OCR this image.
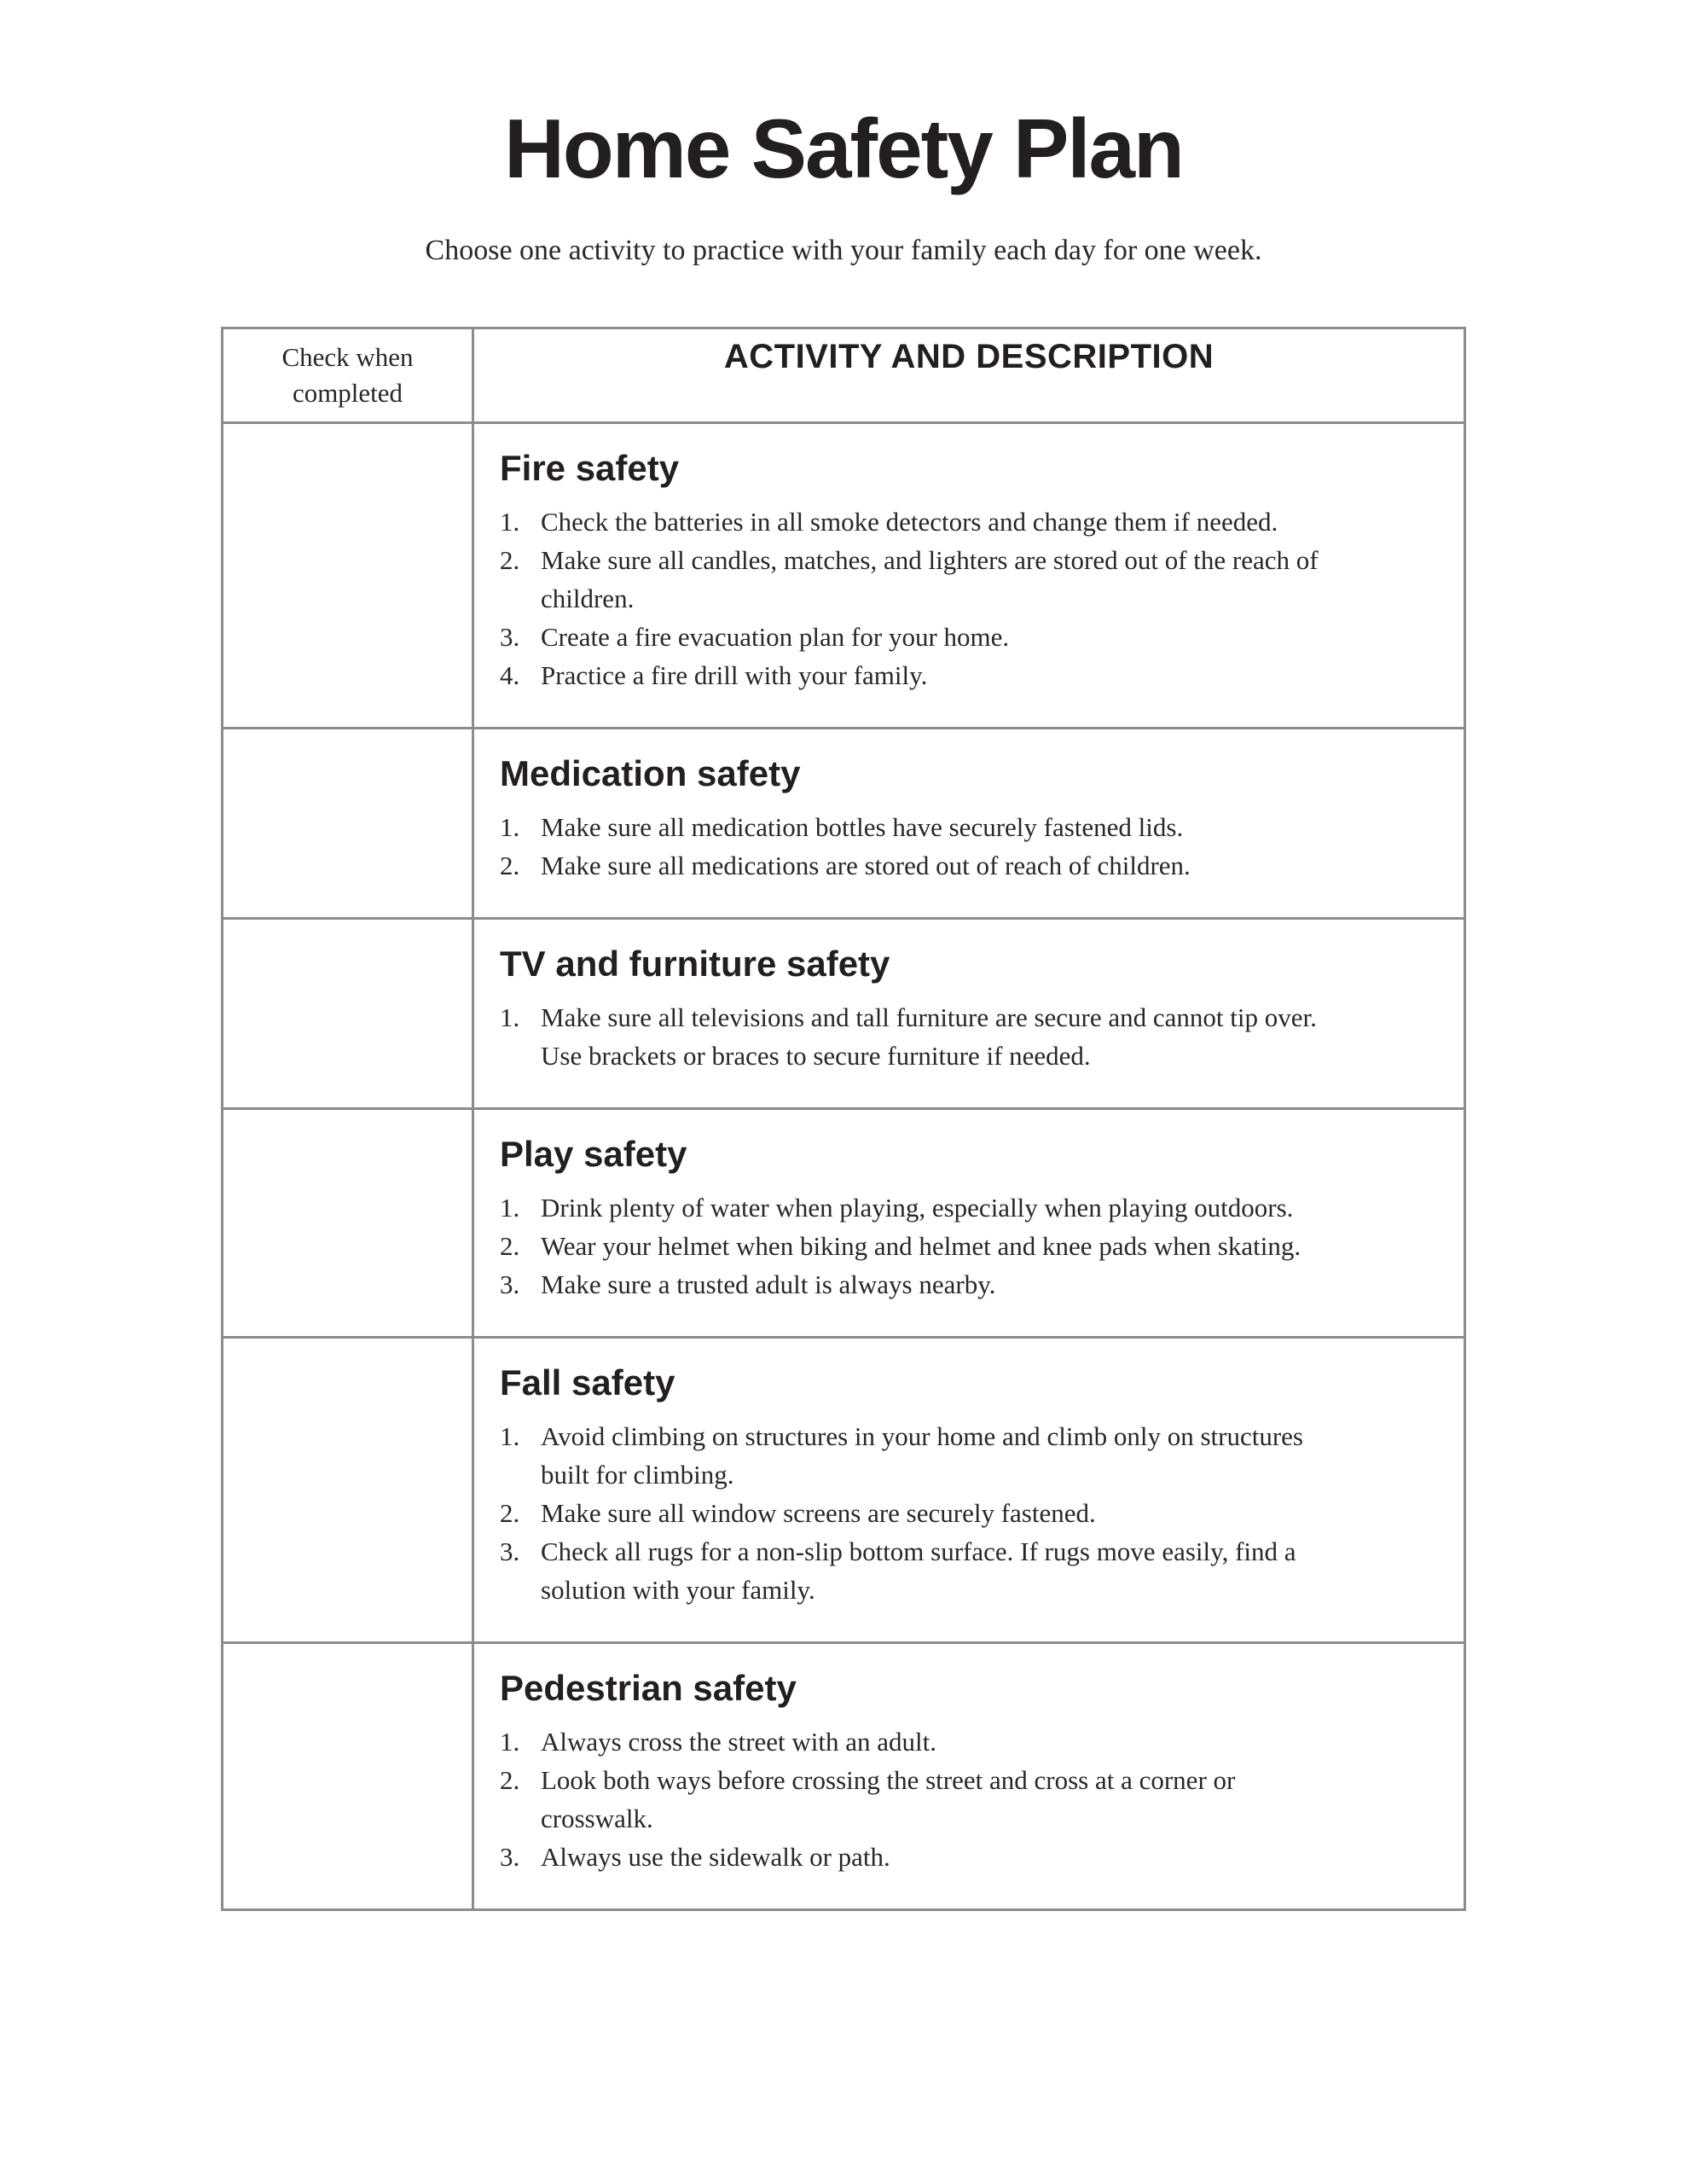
Home Safety Plan

Choose one activity to practice with your family each day for one week.

Check when completed	ACTIVITY AND DESCRIPTION

Fire safety
Check the batteries in all smoke detectors and change them if needed.
Make sure all candles, matches, and lighters are stored out of the reach of children.
Create a fire evacuation plan for your home.
Practice a fire drill with your family.

Medication safety
Make sure all medication bottles have securely fastened lids.
Make sure all medications are stored out of reach of children.

TV and furniture safety
Make sure all televisions and tall furniture are secure and cannot tip over. Use brackets or braces to secure furniture if needed.

Play safety
Drink plenty of water when playing, especially when playing outdoors.
Wear your helmet when biking and helmet and knee pads when skating.
Make sure a trusted adult is always nearby.

Fall safety
Avoid climbing on structures in your home and climb only on structures built for climbing.
Make sure all window screens are securely fastened.
Check all rugs for a non-slip bottom surface. If rugs move easily, find a solution with your family.

Pedestrian safety
Always cross the street with an adult.
Look both ways before crossing the street and cross at a corner or crosswalk.
Always use the sidewalk or path.
